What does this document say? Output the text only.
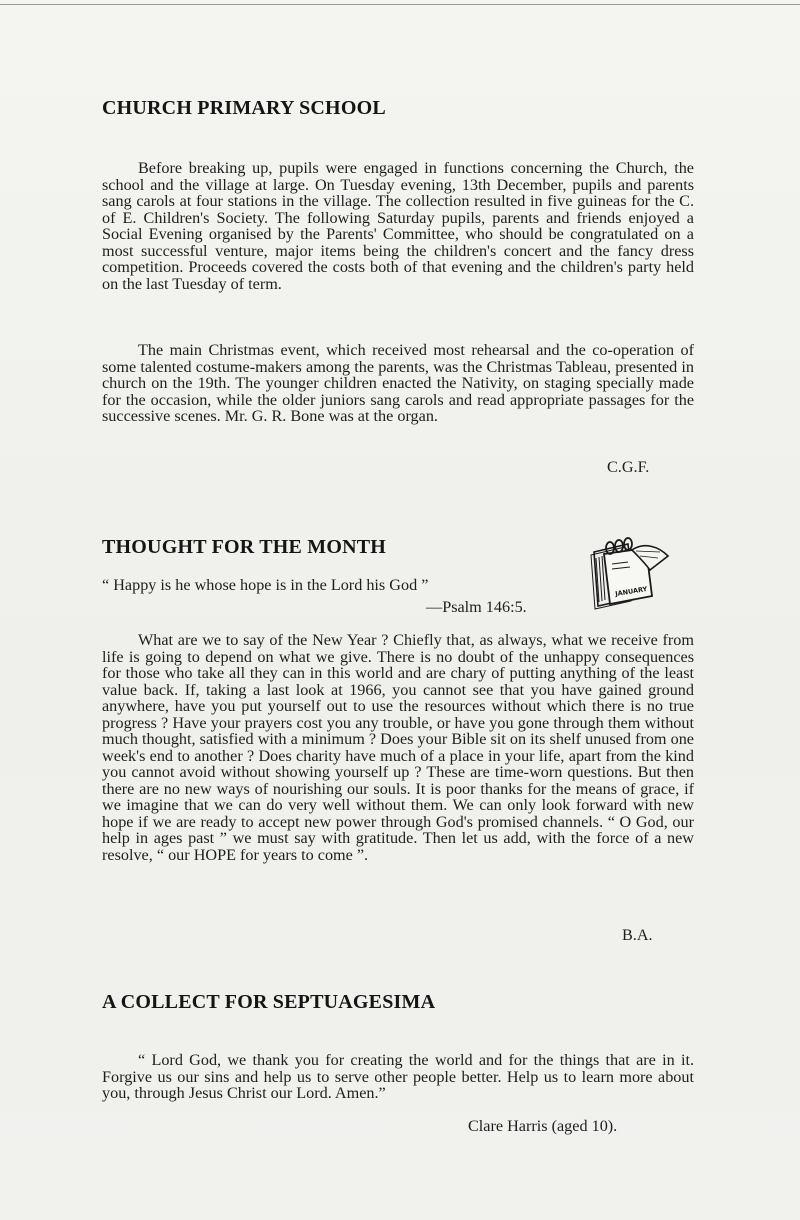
CHURCH PRIMARY SCHOOL

Before breaking up, pupils were engaged in functions concerning the Church, the school and the village at large. On Tuesday evening, 13th December, pupils and parents sang carols at four stations in the village. The collection resulted in five guineas for the C. of E. Children's Society. The following Saturday pupils, parents and friends enjoyed a Social Evening organised by the Parents' Committee, who should be congratulated on a most successful venture, major items being the children's concert and the fancy dress competition. Proceeds covered the costs both of that evening and the children's party held on the last Tuesday of term.

The main Christmas event, which received most rehearsal and the co-operation of some talented costume-makers among the parents, was the Christmas Tableau, presented in church on the 19th. The younger children enacted the Nativity, on staging specially made for the occasion, while the older juniors sang carols and read appropriate passages for the successive scenes. Mr. G. R. Bone was at the organ.

C.G.F.

THOUGHT FOR THE MONTH

“ Happy is he whose hope is in the Lord his God ”

—Psalm 146:5.

JANUARY

What are we to say of the New Year ? Chiefly that, as always, what we receive from life is going to depend on what we give. There is no doubt of the unhappy consequences for those who take all they can in this world and are chary of putting anything of the least value back. If, taking a last look at 1966, you cannot see that you have gained ground anywhere, have you put yourself out to use the resources without which there is no true progress ? Have your prayers cost you any trouble, or have you gone through them without much thought, satisfied with a minimum ? Does your Bible sit on its shelf unused from one week's end to another ? Does charity have much of a place in your life, apart from the kind you cannot avoid without showing yourself up ? These are time-worn questions. But then there are no new ways of nourishing our souls. It is poor thanks for the means of grace, if we imagine that we can do very well without them. We can only look forward with new hope if we are ready to accept new power through God's promised channels. “ O God, our help in ages past ” we must say with gratitude. Then let us add, with the force of a new resolve, “ our HOPE for years to come ”.

B.A.

A COLLECT FOR SEPTUAGESIMA

“ Lord God, we thank you for creating the world and for the things that are in it. Forgive us our sins and help us to serve other people better. Help us to learn more about you, through Jesus Christ our Lord. Amen.”

Clare Harris (aged 10).
